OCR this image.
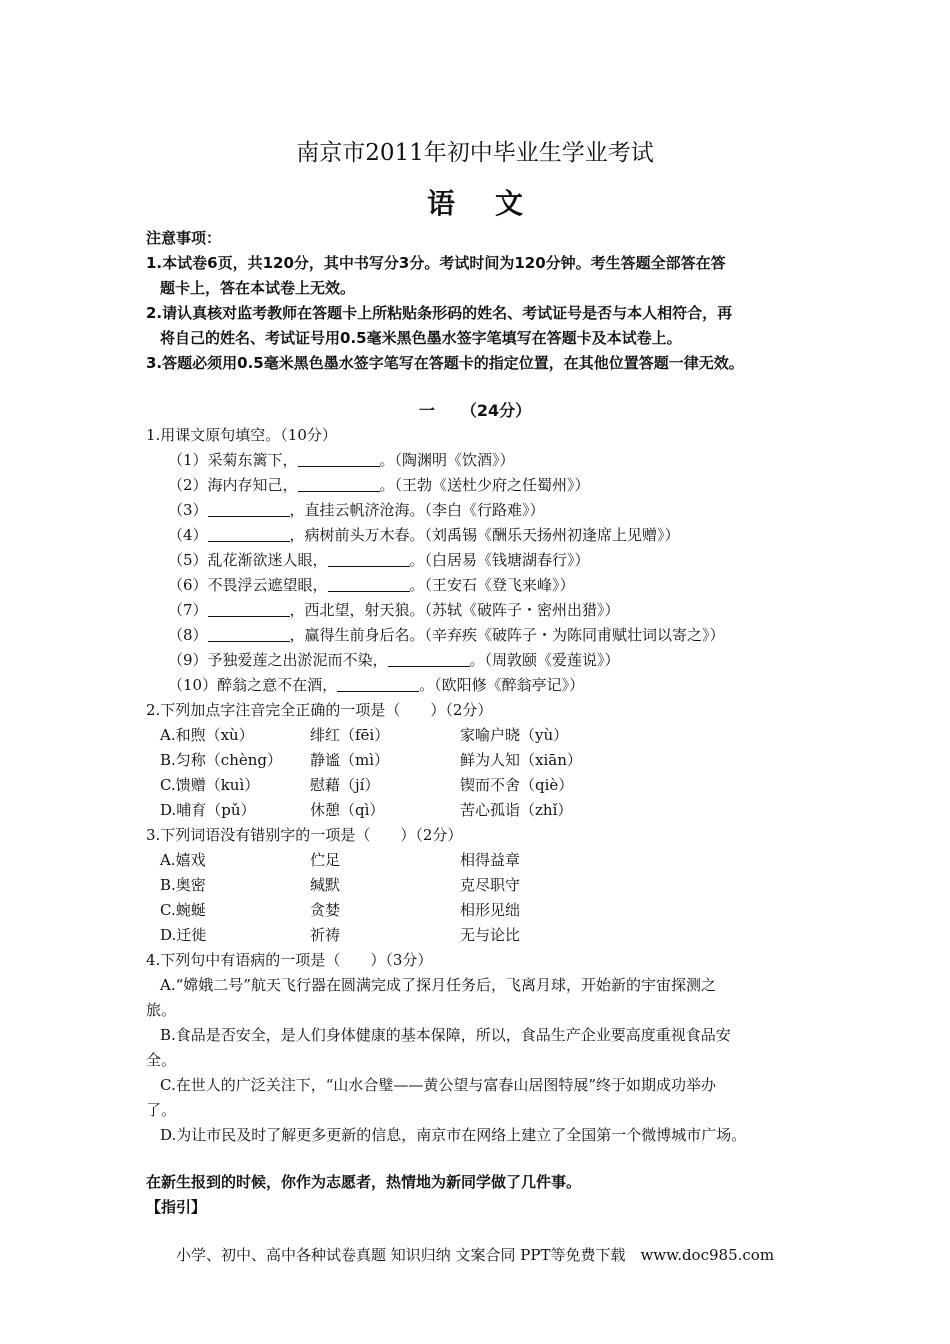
南京市2011年初中毕业生学业考试
语 文
注意事项：
1.本试卷6页，共120分，其中书写分3分。考试时间为120分钟。考生答题全部答在答
题卡上，答在本试卷上无效。
2.请认真核对监考教师在答题卡上所粘贴条形码的姓名、考试证号是否与本人相符合，再
将自己的姓名、考试证号用0.5毫米黑色墨水签字笔填写在答题卡及本试卷上。
3.答题必须用0.5毫米黑色墨水签字笔写在答题卡的指定位置，在其他位置答题一律无效。
一 （24分）
1.用课文原句填空。（10分）
（1）采菊东篱下，	。（陶渊明《饮酒》）
（2）海内存知己，	。（王勃《送杜少府之任蜀州》）
（3）	，直挂云帆济沧海。（李白《行路难》）
（4）	，病树前头万木春。（刘禹锡《酬乐天扬州初逢席上见赠》）
（5）乱花渐欲迷人眼，	。（白居易《钱塘湖春行》）
（6）不畏浮云遮望眼，	。（王安石《登飞来峰》）
（7）	，西北望，射天狼。（苏轼《破阵子・密州出猎》）
（8）	，赢得生前身后名。（辛弃疾《破阵子・为陈同甫赋壮词以寄之》）
（9）予独爱莲之出淤泥而不染，	。（周敦颐《爱莲说》）
（10）醉翁之意不在酒，	。（欧阳修《醉翁亭记》）
2.下列加点字注音完全正确的一项是（　　）（2分）
A.和煦（xù）	绯红（fēi）	家喻户晓（yù）
B.匀称（chèng） 静谧（mì）	鲜为人知（xiān）
C.馈赠（kuì）	慰藉（jí）	锲而不舍（qiè）
D.哺育（pǔ）	休憩（qì）	苦心孤诣（zhǐ）
3.下列词语没有错别字的一项是（　　）（2分）
A.嬉戏	伫足	相得益章
B.奥密	缄默	克尽职守
C.蜿蜒	贪婪	相形见绌
D.迁徙	祈祷	无与论比
4.下列句中有语病的一项是（　　）（3分）
A.“嫦娥二号”航天飞行器在圆满完成了探月任务后，飞离月球，开始新的宇宙探测之
旅。
B.食品是否安全，是人们身体健康的基本保障，所以，食品生产企业要高度重视食品安
全。
C.在世人的广泛关注下，“山水合璧——黄公望与富春山居图特展”终于如期成功举办
了。
D.为让市民及时了解更多更新的信息，南京市在网络上建立了全国第一个微博城市广场。
在新生报到的时候，你作为志愿者，热情地为新同学做了几件事。
【指引】
小学、初中、高中各种试卷真题 知识归纳 文案合同 PPT等免费下载　www.doc985.com
